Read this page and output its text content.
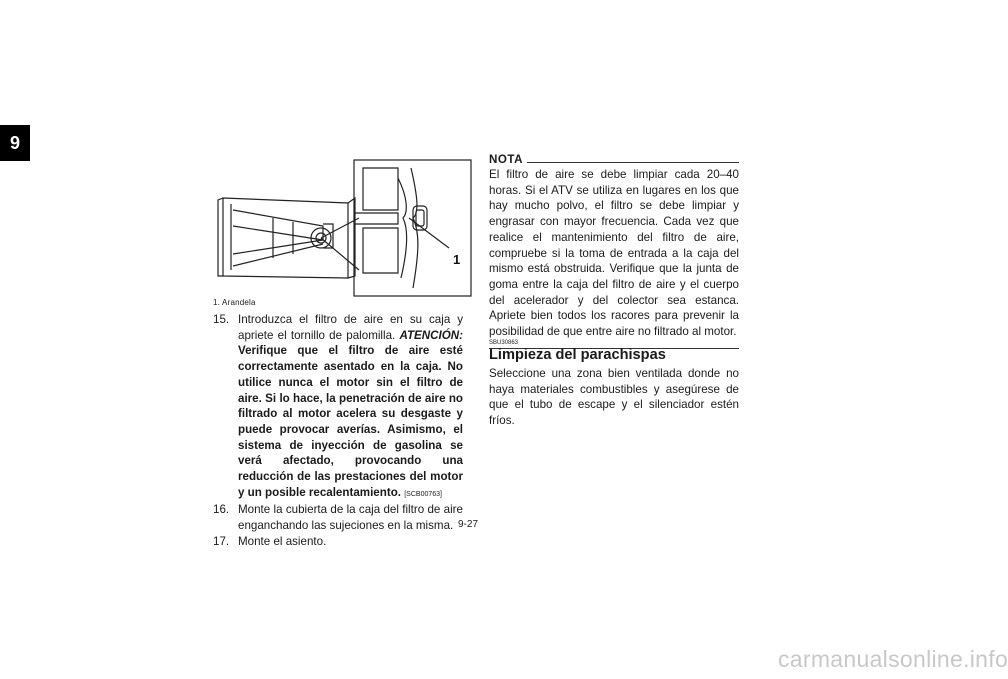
9
1
1. Arandela
15. Introduzca el filtro de aire en su caja y apriete el tornillo de palomilla. ATENCIÓN: Verifique que el filtro de aire esté correctamente asentado en la caja. No utilice nunca el motor sin el filtro de aire. Si lo hace, la penetración de aire no filtrado al motor acelera su desgaste y puede provocar averías. Asimismo, el sistema de inyección de gasolina se verá afectado, provocando una reducción de las prestaciones del motor y un posible recalentamiento. [SCB00763]
16. Monte la cubierta de la caja del filtro de aire enganchando las sujeciones en la misma.
17. Monte el asiento.
NOTA
El filtro de aire se debe limpiar cada 20–40 horas. Si el ATV se utiliza en lugares en los que hay mucho polvo, el filtro se debe limpiar y engrasar con mayor frecuencia. Cada vez que realice el mantenimiento del filtro de aire, compruebe si la toma de entrada a la caja del mismo está obstruida. Verifique que la junta de goma entre la caja del filtro de aire y el cuerpo del acelerador y del colector sea estanca. Apriete bien todos los racores para prevenir la posibilidad de que entre aire no filtrado al motor.
SBU30863
Limpieza del parachispas
Seleccione una zona bien ventilada donde no haya materiales combustibles y asegúrese de que el tubo de escape y el silenciador estén fríos.
9-27
carmanualsonline.info
